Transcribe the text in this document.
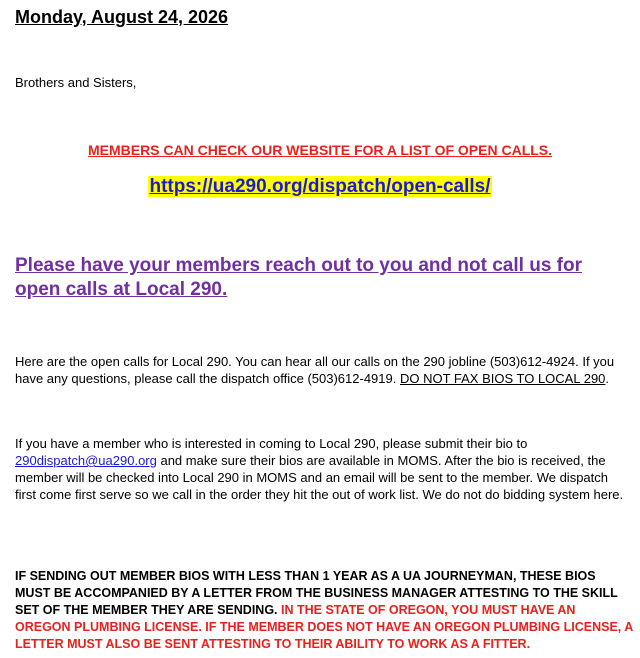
Monday, August 24, 2026
Brothers and Sisters,
MEMBERS CAN CHECK OUR WEBSITE FOR A LIST OF OPEN CALLS.
https://ua290.org/dispatch/open-calls/

Please have your members reach out to you and not call us for open calls at Local 290.

Here are the open calls for Local 290. You can hear all our calls on the 290 jobline (503)612-4924. If you have any questions, please call the dispatch office (503)612-4919. DO NOT FAX BIOS TO LOCAL 290.

If you have a member who is interested in coming to Local 290, please submit their bio to 290dispatch@ua290.org and make sure their bios are available in MOMS. After the bio is received, the member will be checked into Local 290 in MOMS and an email will be sent to the member. We dispatch first come first serve so we call in the order they hit the out of work list. We do not do bidding system here.

IF SENDING OUT MEMBER BIOS WITH LESS THAN 1 YEAR AS A UA JOURNEYMAN, THESE BIOS MUST BE ACCOMPANIED BY A LETTER FROM THE BUSINESS MANAGER ATTESTING TO THE SKILL SET OF THE MEMBER THEY ARE SENDING. IN THE STATE OF OREGON, YOU MUST HAVE AN OREGON PLUMBING LICENSE. IF THE MEMBER DOES NOT HAVE AN OREGON PLUMBING LICENSE, A LETTER MUST ALSO BE SENT ATTESTING TO THEIR ABILITY TO WORK AS A FITTER.
